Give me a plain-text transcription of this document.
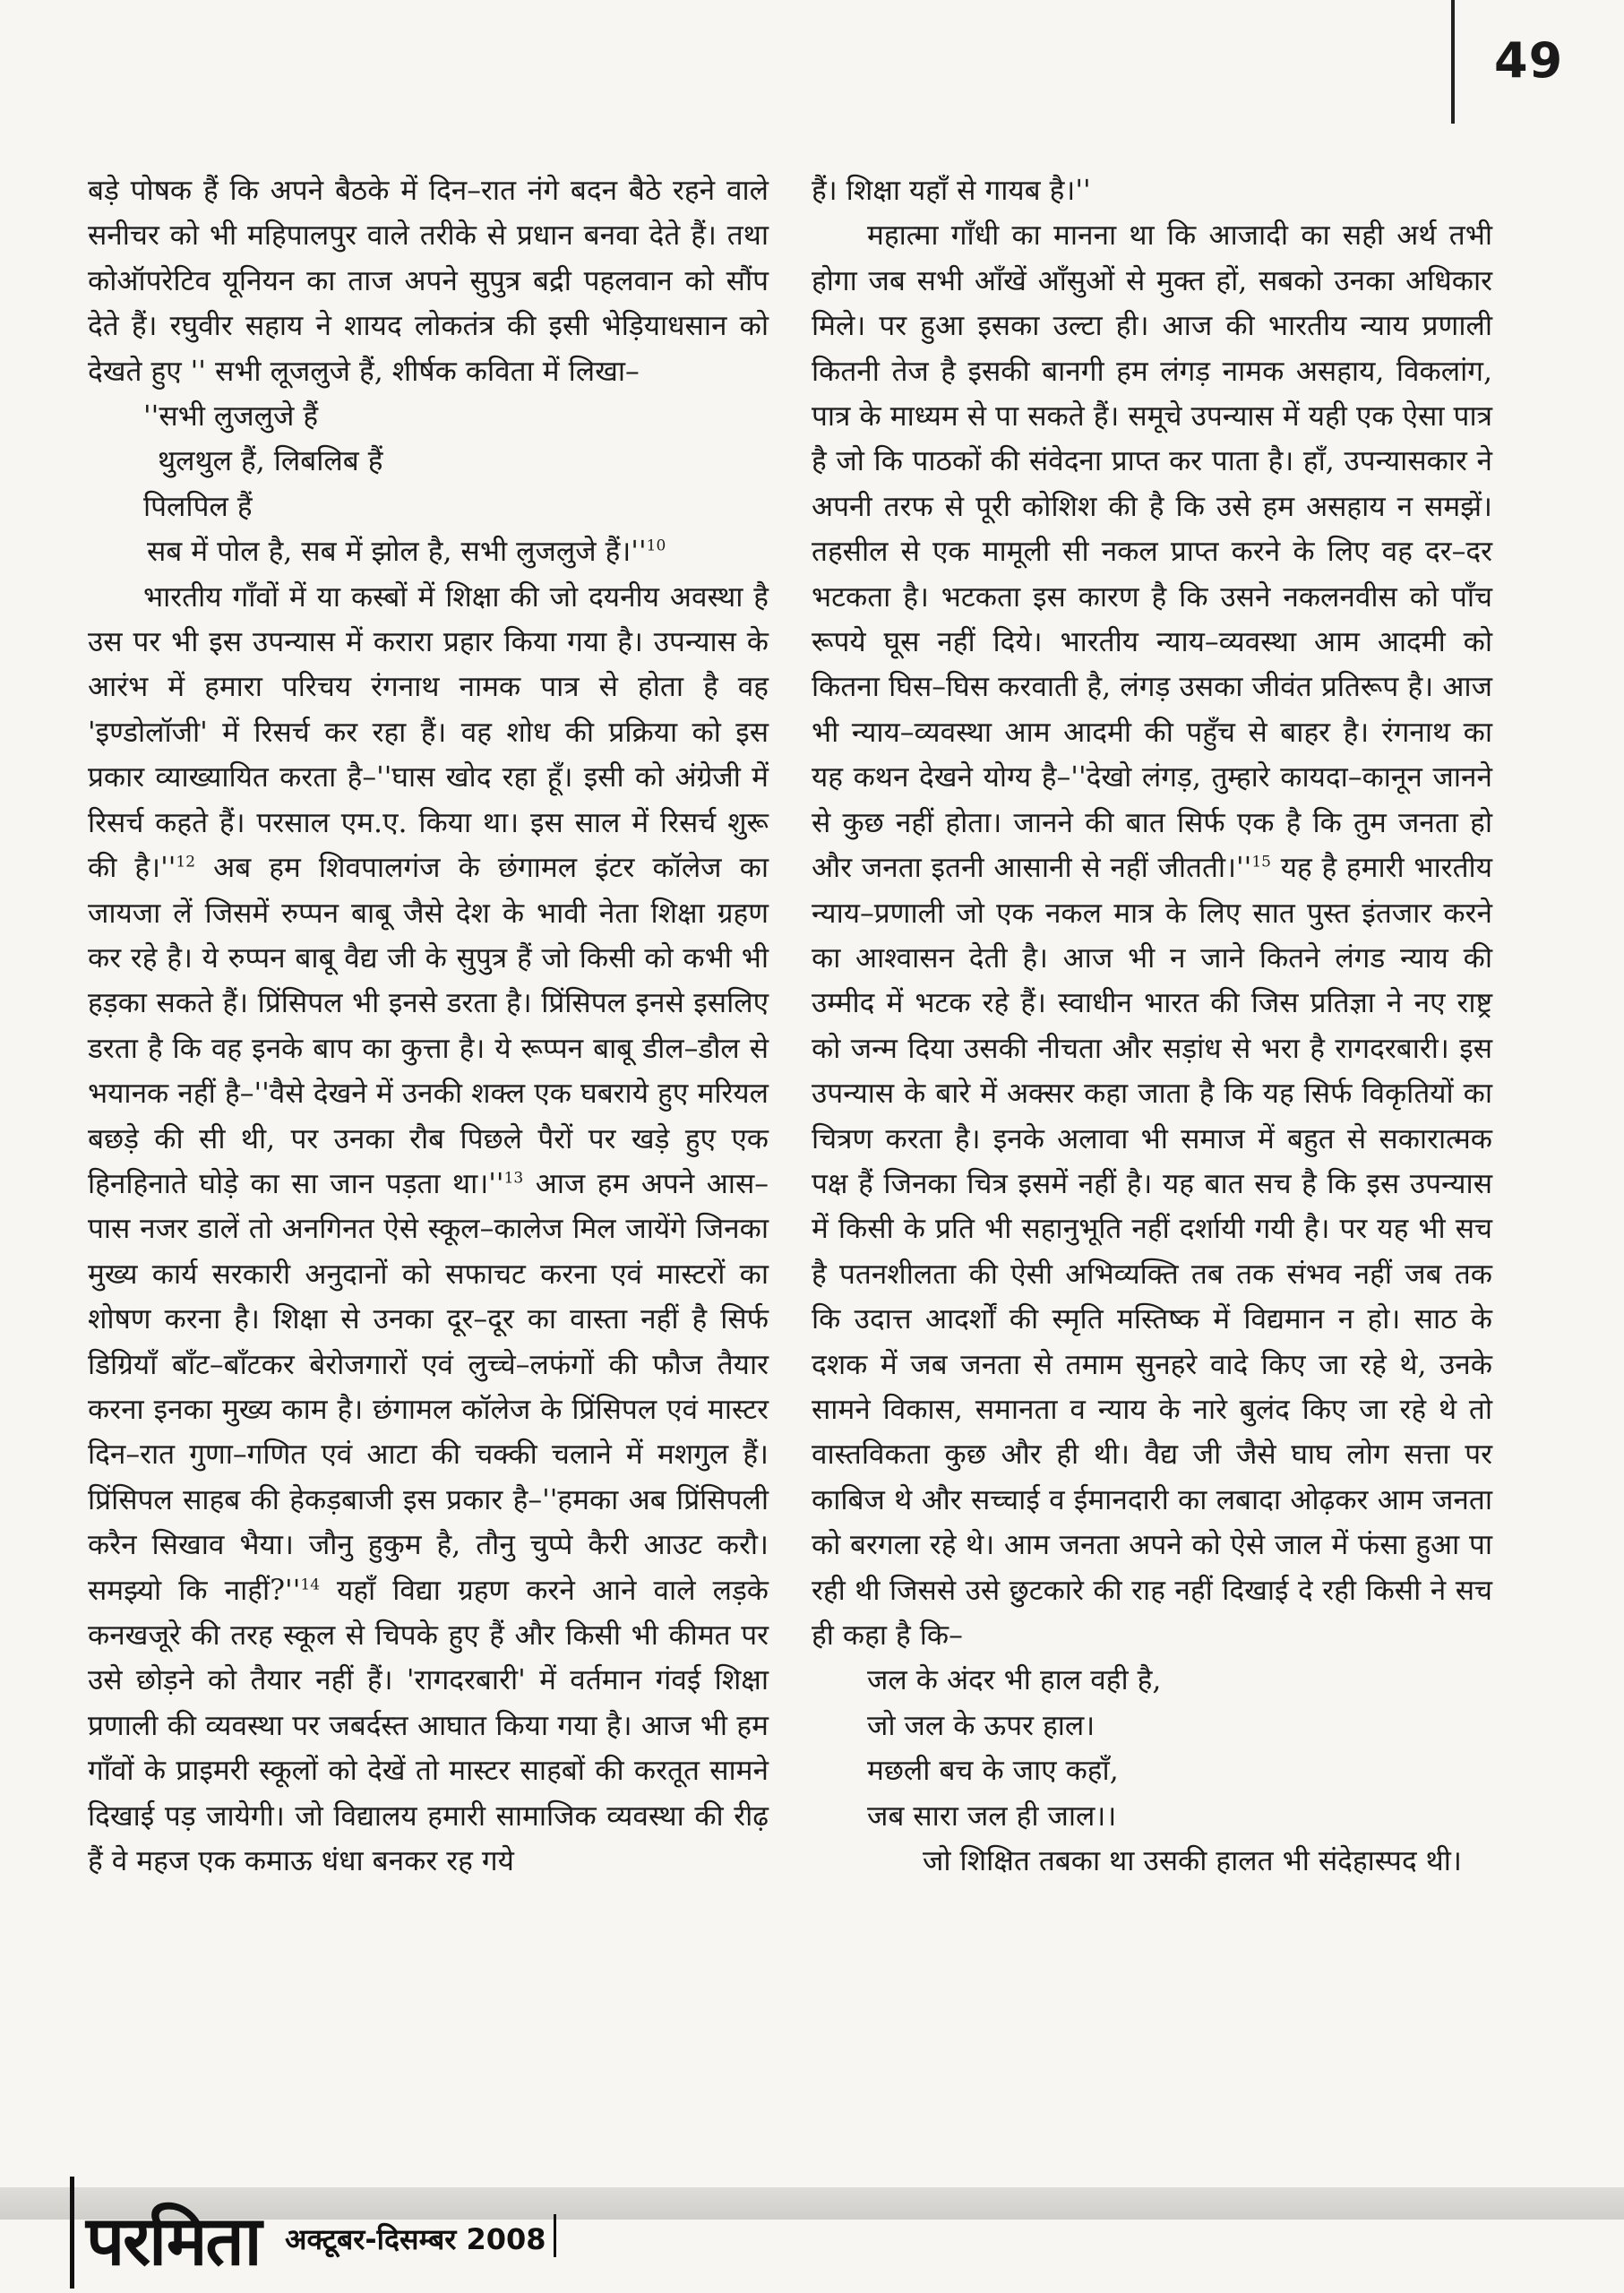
49

बड़े पोषक हैं कि अपने बैठके में दिन–रात नंगे बदन बैठे रहने वाले सनीचर को भी महिपालपुर वाले तरीके से प्रधान बनवा देते हैं। तथा कोऑपरेटिव यूनियन का ताज अपने सुपुत्र बद्री पहलवान को सौंप देते हैं। रघुवीर सहाय ने शायद लोकतंत्र की इसी भेड़ियाधसान को देखते हुए '' सभी लूजलुजे हैं, शीर्षक कविता में लिखा–

''सभी लुजलुजे हैं
थुलथुल हैं, लिबलिब हैं
पिलपिल हैं
सब में पोल है, सब में झोल है, सभी लुजलुजे $हैं।''^{10}$

भारतीय गाँवों में या कस्बों में शिक्षा की जो दयनीय अवस्था है उस पर भी इस उपन्यास में करारा प्रहार किया गया है। उपन्यास के आरंभ में हमारा परिचय रंगनाथ नामक पात्र से होता है वह 'इण्डोलॉजी' में रिसर्च कर रहा हैं। वह शोध की प्रक्रिया को इस प्रकार व्याख्यायित करता है–''घास खोद रहा हूँ। इसी को अंग्रेजी में रिसर्च कहते हैं। परसाल एम.ए. किया था। इस साल में रिसर्च शुरू की $है।''^{12}$ अब हम शिवपालगंज के छंगामल इंटर कॉलेज का जायजा लें जिसमें रुप्पन बाबू जैसे देश के भावी नेता शिक्षा ग्रहण कर रहे है। ये रुप्पन बाबू वैद्य जी के सुपुत्र हैं जो किसी को कभी भी हड़का सकते हैं। प्रिंसिपल भी इनसे डरता है। प्रिंसिपल इनसे इसलिए डरता है कि वह इनके बाप का कुत्ता है। ये रूप्पन बाबू डील–डौल से भयानक नहीं है–''वैसे देखने में उनकी शक्ल एक घबराये हुए मरियल बछड़े की सी थी, पर उनका रौब पिछले पैरों पर खड़े हुए एक हिनहिनाते घोड़े का सा जान पड़ता $था।''^{13}$ आज हम अपने आस–पास नजर डालें तो अनगिनत ऐसे स्कूल–कालेज मिल जायेंगे जिनका मुख्य कार्य सरकारी अनुदानों को सफाचट करना एवं मास्टरों का शोषण करना है। शिक्षा से उनका दूर–दूर का वास्ता नहीं है सिर्फ डिग्रियाँ बाँट–बाँटकर बेरोजगारों एवं लुच्चे–लफंगों की फौज तैयार करना इनका मुख्य काम है। छंगामल कॉलेज के प्रिंसिपल एवं मास्टर दिन–रात गुणा–गणित एवं आटा की चक्की चलाने में मशगुल हैं। प्रिंसिपल साहब की हेकड़बाजी इस प्रकार है–''हमका अब प्रिंसिपली करैन सिखाव भैया। जौनु हुकुम है, तौनु चुप्पे कैरी आउट करौ। समझ्यो कि $नाहीं?''^{14}$ यहाँ विद्या ग्रहण करने आने वाले लड़के कनखजूरे की तरह स्कूल से चिपके हुए हैं और किसी भी कीमत पर उसे छोड़ने को तैयार नहीं हैं। 'रागदरबारी' में वर्तमान गंवई शिक्षा प्रणाली की व्यवस्था पर जबर्दस्त आघात किया गया है। आज भी हम गाँवों के प्राइमरी स्कूलों को देखें तो मास्टर साहबों की करतूत सामने दिखाई पड़ जायेगी। जो विद्यालय हमारी सामाजिक व्यवस्था की रीढ़ हैं वे महज एक कमाऊ धंधा बनकर रह गये

हैं। शिक्षा यहाँ से गायब है।''

महात्मा गाँधी का मानना था कि आजादी का सही अर्थ तभी होगा जब सभी आँखें आँसुओं से मुक्त हों, सबको उनका अधिकार मिले। पर हुआ इसका उल्टा ही। आज की भारतीय न्याय प्रणाली कितनी तेज है इसकी बानगी हम लंगड़ नामक असहाय, विकलांग, पात्र के माध्यम से पा सकते हैं। समूचे उपन्यास में यही एक ऐसा पात्र है जो कि पाठकों की संवेदना प्राप्त कर पाता है। हाँ, उपन्यासकार ने अपनी तरफ से पूरी कोशिश की है कि उसे हम असहाय न समझें। तहसील से एक मामूली सी नकल प्राप्त करने के लिए वह दर–दर भटकता है। भटकता इस कारण है कि उसने नकलनवीस को पाँच रूपये घूस नहीं दिये। भारतीय न्याय–व्यवस्था आम आदमी को कितना घिस–घिस करवाती है, लंगड़ उसका जीवंत प्रतिरूप है। आज भी न्याय–व्यवस्था आम आदमी की पहुँच से बाहर है। रंगनाथ का यह कथन देखने योग्य है–''देखो लंगड़, तुम्हारे कायदा–कानून जानने से कुछ नहीं होता। जानने की बात सिर्फ एक है कि तुम जनता हो और जनता इतनी आसानी से नहीं $जीतती।''^{15}$ यह है हमारी भारतीय न्याय–प्रणाली जो एक नकल मात्र के लिए सात पुस्त इंतजार करने का आश्वासन देती है। आज भी न जाने कितने लंगड न्याय की उम्मीद में भटक रहे हैं। स्वाधीन भारत की जिस प्रतिज्ञा ने नए राष्ट्र को जन्म दिया उसकी नीचता और सड़ांध से भरा है रागदरबारी। इस उपन्यास के बारे में अक्सर कहा जाता है कि यह सिर्फ विकृतियों का चित्रण करता है। इनके अलावा भी समाज में बहुत से सकारात्मक पक्ष हैं जिनका चित्र इसमें नहीं है। यह बात सच है कि इस उपन्यास में किसी के प्रति भी सहानुभूति नहीं दर्शायी गयी है। पर यह भी सच है पतनशीलता की ऐसी अभिव्यक्ति तब तक संभव नहीं जब तक कि उदात्त आदर्शों की स्मृति मस्तिष्क में विद्यमान न हो। साठ के दशक में जब जनता से तमाम सुनहरे वादे किए जा रहे थे, उनके सामने विकास, समानता व न्याय के नारे बुलंद किए जा रहे थे तो वास्तविकता कुछ और ही थी। वैद्य जी जैसे घाघ लोग सत्ता पर काबिज थे और सच्चाई व ईमानदारी का लबादा ओढ़कर आम जनता को बरगला रहे थे। आम जनता अपने को ऐसे जाल में फंसा हुआ पा रही थी जिससे उसे छुटकारे की राह नहीं दिखाई दे रही किसी ने सच ही कहा है कि–

जल के अंदर भी हाल वही है,
जो जल के ऊपर हाल।
मछली बच के जाए कहाँ,
जब सारा जल ही जाल।।

जो शिक्षित तबका था उसकी हालत भी संदेहास्पद थी।

परमिता अक्टूबर-दिसम्बर 2008
